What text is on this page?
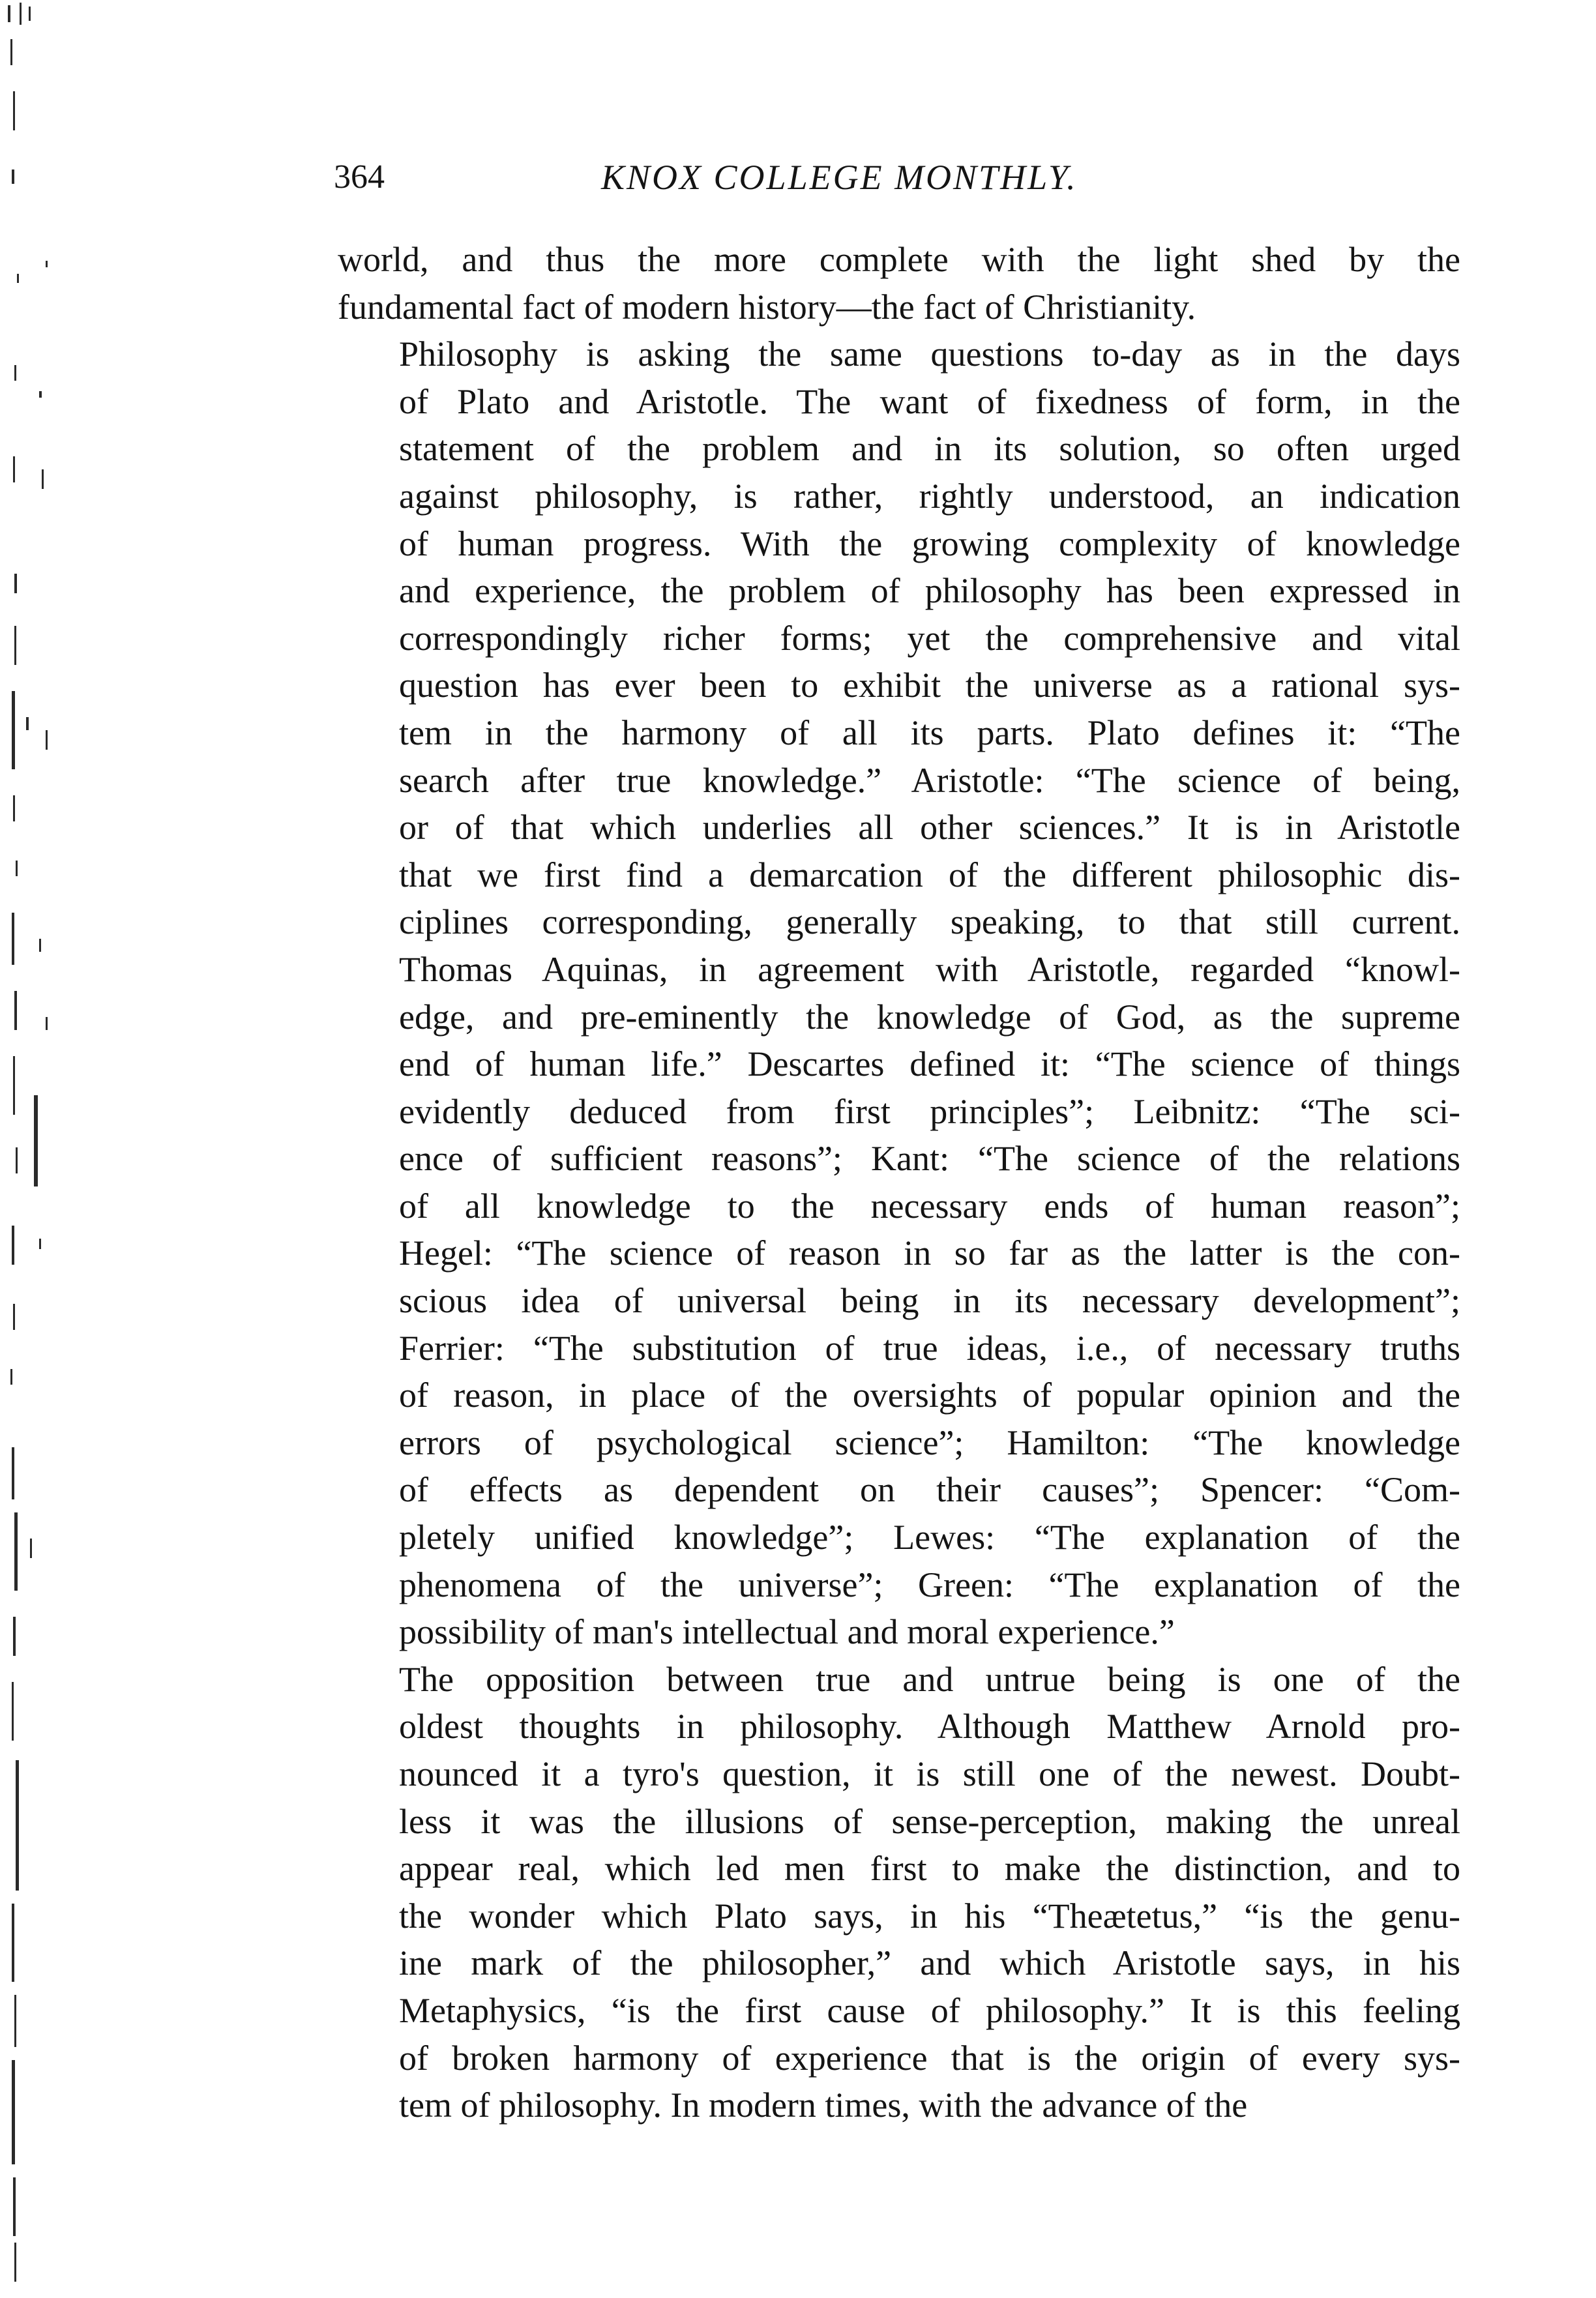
364	KNOX COLLEGE MONTHLY.
world, and thus the more complete with the light shed by the
fundamental fact of modern history—the fact of Christianity.
Philosophy is asking the same questions to-day as in the days
of Plato and Aristotle. The want of fixedness of form, in the
statement of the problem and in its solution, so often urged
against philosophy, is rather, rightly understood, an indication
of human progress. With the growing complexity of knowledge
and experience, the problem of philosophy has been expressed in
correspondingly richer forms; yet the comprehensive and vital
question has ever been to exhibit the universe as a rational sys-
tem in the harmony of all its parts. Plato defines it: “The
search after true knowledge.” Aristotle: “The science of being,
or of that which underlies all other sciences.” It is in Aristotle
that we first find a demarcation of the different philosophic dis-
ciplines corresponding, generally speaking, to that still current.
Thomas Aquinas, in agreement with Aristotle, regarded “knowl-
edge, and pre-eminently the knowledge of God, as the supreme
end of human life.” Descartes defined it: “The science of things
evidently deduced from first principles”; Leibnitz: “The sci-
ence of sufficient reasons”; Kant: “The science of the relations
of all knowledge to the necessary ends of human reason”;
Hegel: “The science of reason in so far as the latter is the con-
scious idea of universal being in its necessary development”;
Ferrier: “The substitution of true ideas, i.e., of necessary truths
of reason, in place of the oversights of popular opinion and the
errors of psychological science”; Hamilton: “The knowledge
of effects as dependent on their causes”; Spencer: “Com-
pletely unified knowledge”; Lewes: “The explanation of the
phenomena of the universe”; Green: “The explanation of the
possibility of man's intellectual and moral experience.”
The opposition between true and untrue being is one of the
oldest thoughts in philosophy. Although Matthew Arnold pro-
nounced it a tyro's question, it is still one of the newest. Doubt-
less it was the illusions of sense-perception, making the unreal
appear real, which led men first to make the distinction, and to
the wonder which Plato says, in his “Theætetus,” “is the genu-
ine mark of the philosopher,” and which Aristotle says, in his
Metaphysics, “is the first cause of philosophy.” It is this feeling
of broken harmony of experience that is the origin of every sys-
tem of philosophy. In modern times, with the advance of the
